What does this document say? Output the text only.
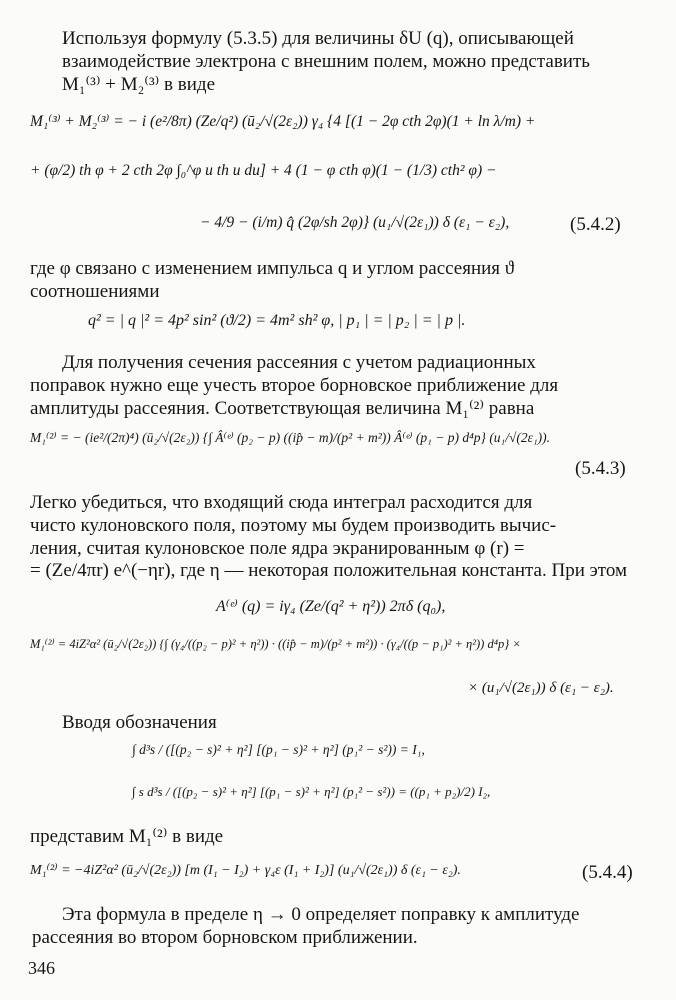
Используя формулу (5.3.5) для величины δU (q), описывающей
взаимодействие электрона с внешним полем, можно представить
M₁⁽³⁾ + M₂⁽³⁾ в виде
M₁⁽³⁾ + M₂⁽³⁾ = − i (e²/8π) (Ze/q²) (ū₂/√(2ε₂)) γ₄ {4 [(1 − 2φ cth 2φ)(1 + ln λ/m) +
+ (φ/2) th φ + 2 cth 2φ ∫₀^φ u th u du] + 4 (1 − φ cth φ)(1 − (1/3) cth² φ) −
− 4/9 − (i/m) q̂ (2φ/sh 2φ)} (u₁/√(2ε₁)) δ (ε₁ − ε₂),	(5.4.2)
где φ связано с изменением импульса q и углом рассеяния ϑ
соотношениями
q² = | q |² = 4p² sin² (ϑ/2) = 4m² sh² φ, | p₁ | = | p₂ | = | p |.
Для получения сечения рассеяния с учетом радиационных
поправок нужно еще учесть второе борновское приближение для
амплитуды рассеяния. Соответствующая величина M₁⁽²⁾ равна
M₁⁽²⁾ = − (ie²/(2π)⁴) (ū₂/√(2ε₂)) {∫ Â⁽ᵉ⁾ (p₂ − p) ((ip̂ − m)/(p² + m²)) Â⁽ᵉ⁾ (p₁ − p) d⁴p} (u₁/√(2ε₁)).
(5.4.3)
Легко убедиться, что входящий сюда интеграл расходится для
чисто кулоновского поля, поэтому мы будем производить вычис-
ления, считая кулоновское поле ядра экранированным φ (r) =
= (Ze/4πr) e^(−ηr), где η — некоторая положительная константа. При этом
A⁽ᵉ⁾ (q) = iγ₄ (Ze/(q² + η²)) 2πδ (q₀),
M₁⁽²⁾ = 4iZ²α² (ū₂/√(2ε₂)) {∫ (γ₄/((p₂ − p)² + η²)) · ((ip̂ − m)/(p² + m²)) · (γ₄/((p − p₁)² + η²)) d⁴p} ×
× (u₁/√(2ε₁)) δ (ε₁ − ε₂).
Вводя обозначения
∫ d³s / ([(p₂ − s)² + η²] [(p₁ − s)² + η²] (p₁² − s²)) = I₁,
∫ s d³s / ([(p₂ − s)² + η²] [(p₁ − s)² + η²] (p₁² − s²)) = ((p₁ + p₂)/2) I₂,
представим M₁⁽²⁾ в виде
M₁⁽²⁾ = −4iZ²α² (ū₂/√(2ε₂)) [m (I₁ − I₂) + γ₄ε (I₁ + I₂)] (u₁/√(2ε₁)) δ (ε₁ − ε₂).	(5.4.4)
Эта формула в пределе η → 0 определяет поправку к амплитуде
рассеяния во втором борновском приближении.
346
